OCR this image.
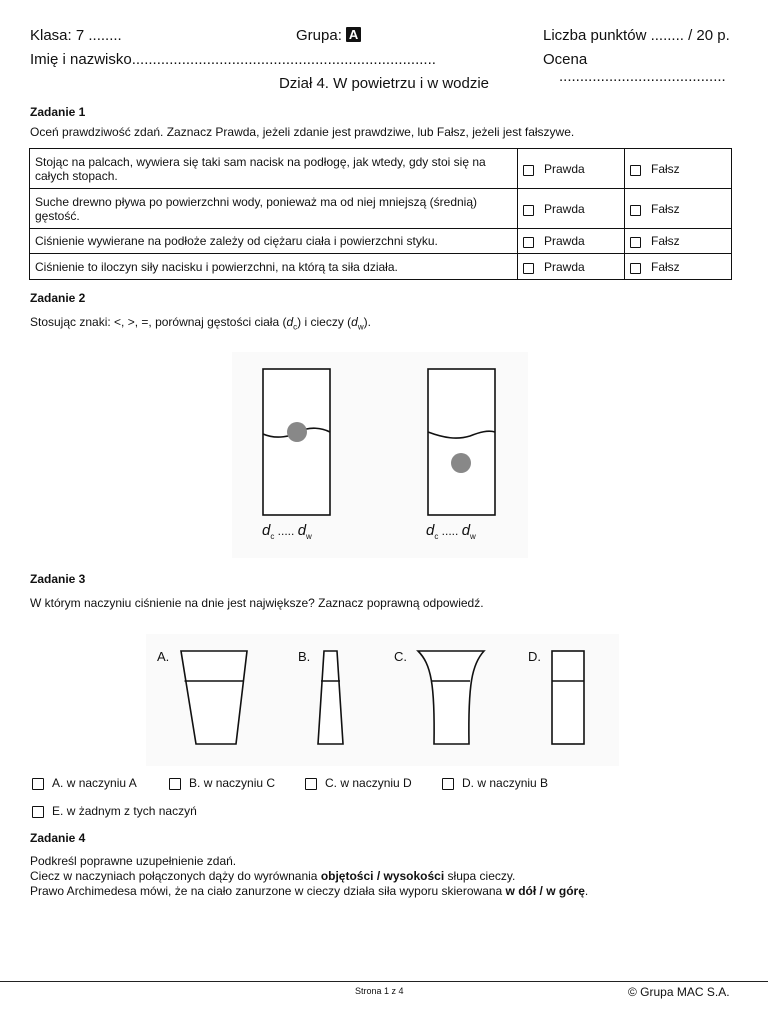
Klasa: 7 ........	Grupa: A	Liczba punktów ........ / 20 p.
Imię i nazwisko.........................................................................	Ocena ........................................
Dział 4. W powietrzu i w wodzie
Zadanie 1
Oceń prawdziwość zdań. Zaznacz Prawda, jeżeli zdanie jest prawdziwe, lub Fałsz, jeżeli jest fałszywe.
Stojąc na palcach, wywiera się taki sam nacisk na podłogę, jak wtedy, gdy stoi się na całych stopach.	Prawda	Fałsz
Suche drewno pływa po powierzchni wody, ponieważ ma od niej mniejszą (średnią) gęstość.	Prawda	Fałsz
Ciśnienie wywierane na podłoże zależy od ciężaru ciała i powierzchni styku.	Prawda	Fałsz
Ciśnienie to iloczyn siły nacisku i powierzchni, na którą ta siła działa.	Prawda	Fałsz
Zadanie 2
Stosując znaki: <, >, =, porównaj gęstości ciała $(d_c)$ i cieczy $(d_w)$.
$d_c$ ..... $d_w$	$d_c$ ..... $d_w$
Zadanie 3
W którym naczyniu ciśnienie na dnie jest największe? Zaznacz poprawną odpowiedź.
A.	B.	C.	D.
A. w naczyniu A	B. w naczyniu C	C. w naczyniu D	D. w naczyniu B
E. w żadnym z tych naczyń
Zadanie 4
Podkreśl poprawne uzupełnienie zdań.
Ciecz w naczyniach połączonych dąży do wyrównania objętości / wysokości słupa cieczy.
Prawo Archimedesa mówi, że na ciało zanurzone w cieczy działa siła wyporu skierowana w dół / w górę.
Strona 1 z 4	© Grupa MAC S.A.
